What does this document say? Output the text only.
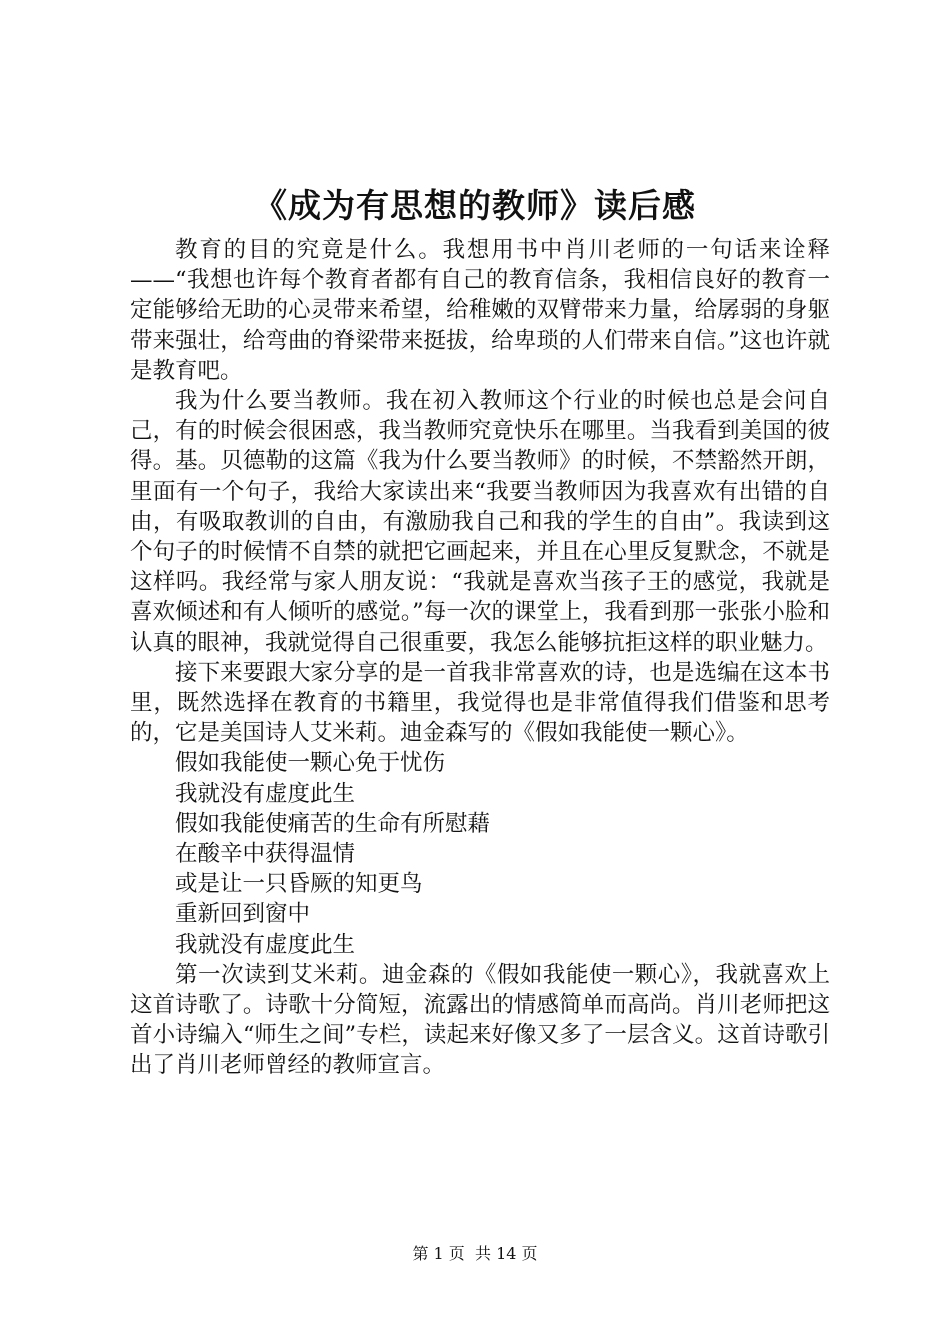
《成为有思想的教师》读后感

教育的目的究竟是什么。我想用书中肖川老师的一句话来诠释——“我想也许每个教育者都有自己的教育信条，我相信良好的教育一定能够给无助的心灵带来希望，给稚嫩的双臂带来力量，给孱弱的身躯带来强壮，给弯曲的脊梁带来挺拔，给卑琐的人们带来自信。”这也许就是教育吧。

我为什么要当教师。我在初入教师这个行业的时候也总是会问自己，有的时候会很困惑，我当教师究竟快乐在哪里。当我看到美国的彼得。基。贝德勒的这篇《我为什么要当教师》的时候，不禁豁然开朗，里面有一个句子，我给大家读出来“我要当教师因为我喜欢有出错的自由，有吸取教训的自由，有激励我自己和我的学生的自由”。我读到这个句子的时候情不自禁的就把它画起来，并且在心里反复默念，不就是这样吗。我经常与家人朋友说：“我就是喜欢当孩子王的感觉，我就是喜欢倾述和有人倾听的感觉。”每一次的课堂上，我看到那一张张小脸和认真的眼神，我就觉得自己很重要，我怎么能够抗拒这样的职业魅力。

接下来要跟大家分享的是一首我非常喜欢的诗，也是选编在这本书里，既然选择在教育的书籍里，我觉得也是非常值得我们借鉴和思考的，它是美国诗人艾米莉。迪金森写的《假如我能使一颗心》。

假如我能使一颗心免于忧伤

我就没有虚度此生

假如我能使痛苦的生命有所慰藉

在酸辛中获得温情

或是让一只昏厥的知更鸟

重新回到窗中

我就没有虚度此生

第一次读到艾米莉。迪金森的《假如我能使一颗心》，我就喜欢上这首诗歌了。诗歌十分简短，流露出的情感简单而高尚。肖川老师把这首小诗编入“师生之间”专栏，读起来好像又多了一层含义。这首诗歌引出了肖川老师曾经的教师宣言。

第 1 页 共 14 页
